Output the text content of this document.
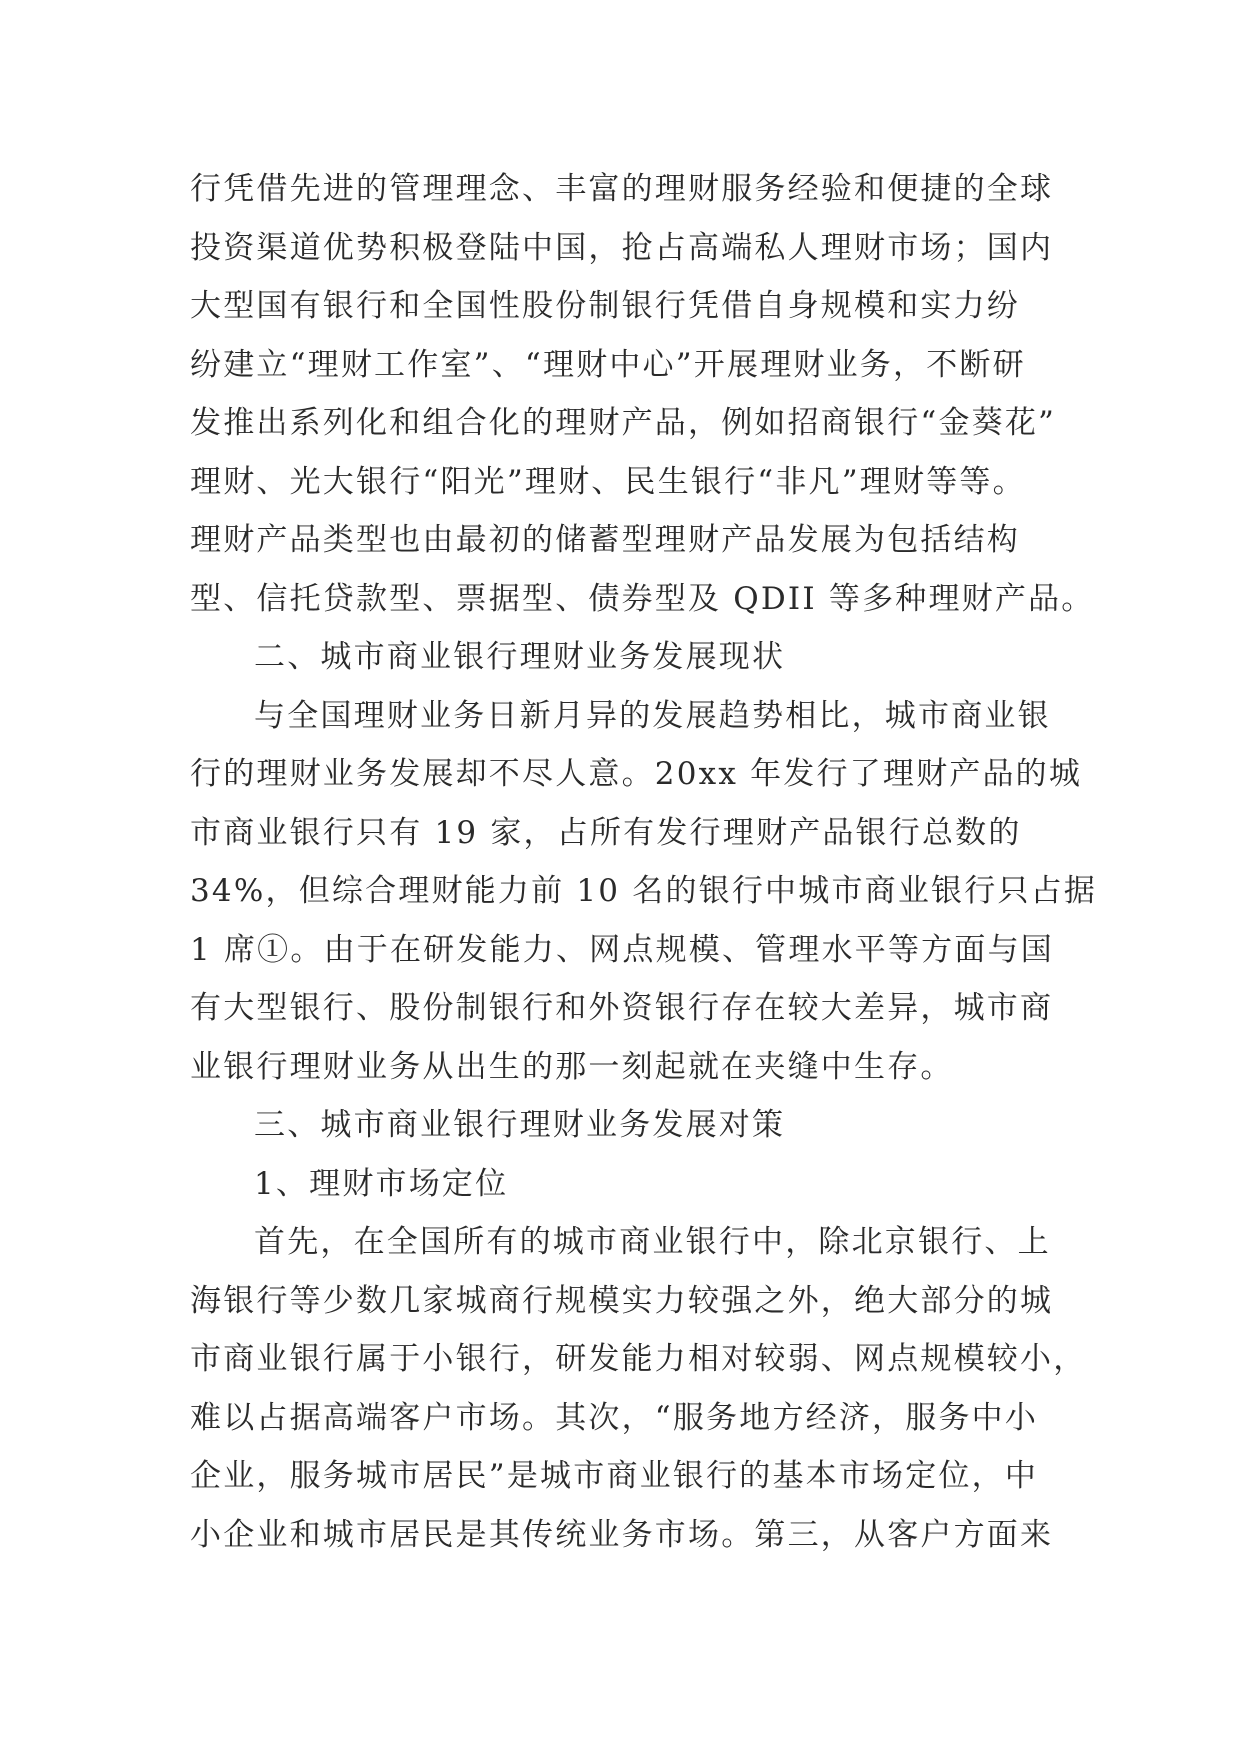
行凭借先进的管理理念、丰富的理财服务经验和便捷的全球
投资渠道优势积极登陆中国，抢占高端私人理财市场；国内
大型国有银行和全国性股份制银行凭借自身规模和实力纷
纷建立“理财工作室”、“理财中心”开展理财业务，不断研
发推出系列化和组合化的理财产品，例如招商银行“金葵花”
理财、光大银行“阳光”理财、民生银行“非凡”理财等等。
理财产品类型也由最初的储蓄型理财产品发展为包括结构
型、信托贷款型、票据型、债券型及 QDII 等多种理财产品。
二、城市商业银行理财业务发展现状
与全国理财业务日新月异的发展趋势相比，城市商业银
行的理财业务发展却不尽人意。20xx 年发行了理财产品的城
市商业银行只有 19 家，占所有发行理财产品银行总数的
34%，但综合理财能力前 10 名的银行中城市商业银行只占据
1 席①。由于在研发能力、网点规模、管理水平等方面与国
有大型银行、股份制银行和外资银行存在较大差异，城市商
业银行理财业务从出生的那一刻起就在夹缝中生存。
三、城市商业银行理财业务发展对策
1、理财市场定位
首先，在全国所有的城市商业银行中，除北京银行、上
海银行等少数几家城商行规模实力较强之外，绝大部分的城
市商业银行属于小银行，研发能力相对较弱、网点规模较小，
难以占据高端客户市场。其次，“服务地方经济，服务中小
企业，服务城市居民”是城市商业银行的基本市场定位，中
小企业和城市居民是其传统业务市场。第三，从客户方面来
